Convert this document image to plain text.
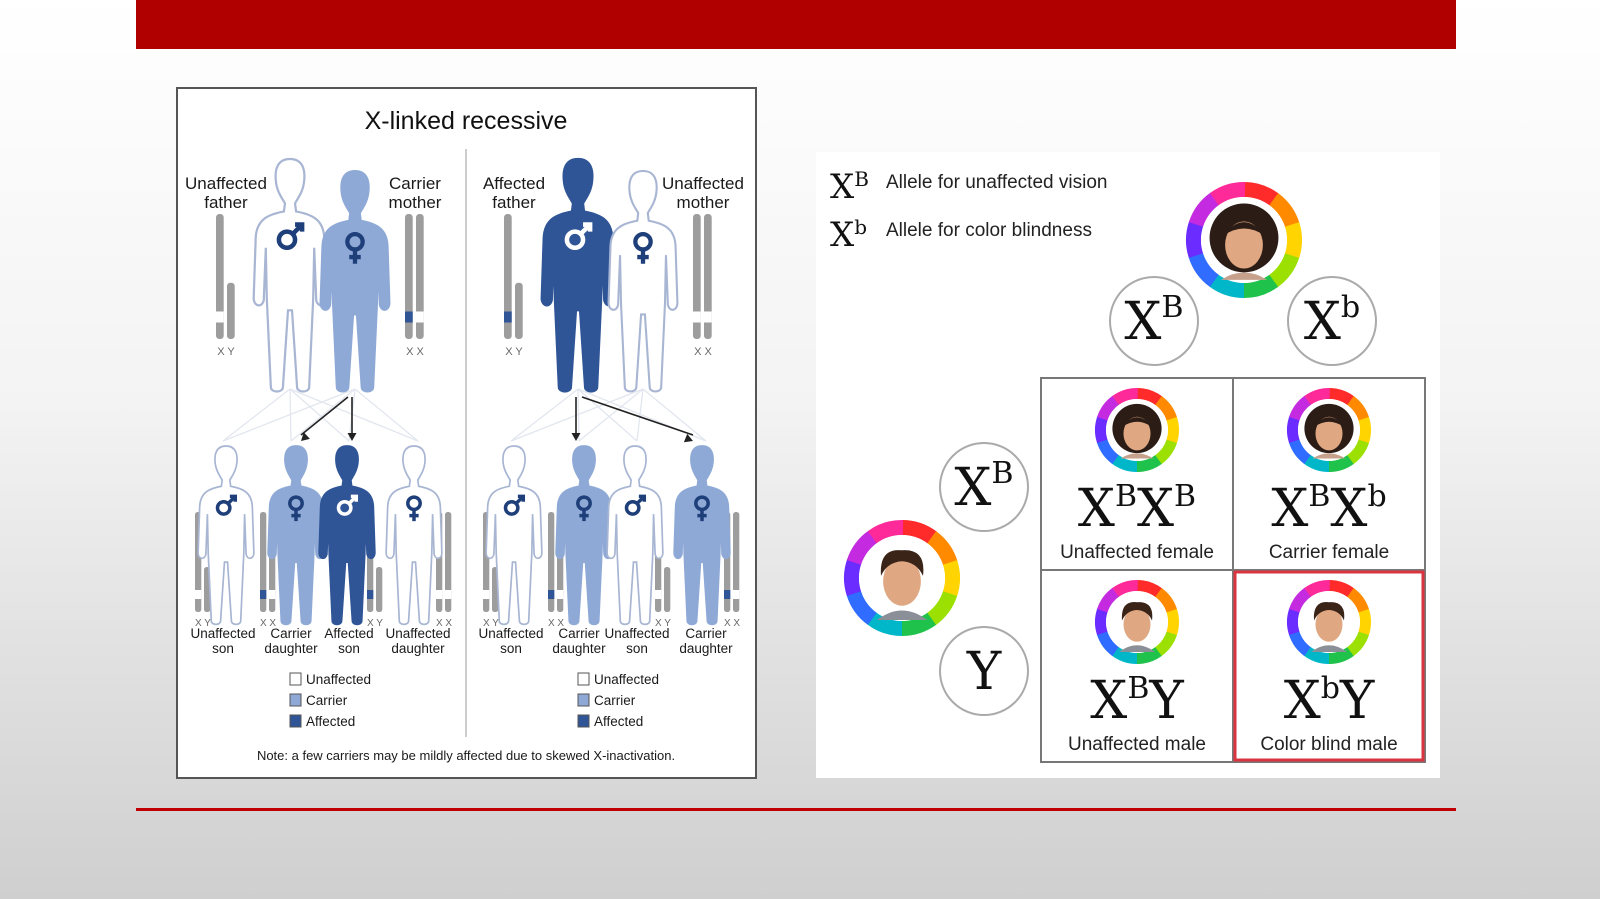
X-linked recessive
Unaffected
father
Carrier
mother
X Y	X X
X Y
Unaffected
son
X X
Carrier
daughter
X Y
Affected
son
X X
Unaffected
daughter
Unaffected
Carrier
Affected
Affected
father
Unaffected
mother
X Y	X X
X Y
Unaffected
son
X X
Carrier
daughter
X Y
Unaffected
son
X X
Carrier
daughter
Unaffected
Carrier
Affected
Note: a few carriers may be mildly affected due to skewed X-inactivation.
$X^B$ Allele for unaffected vision
$X^b$ Allele for color blindness
$X^B$ $X^b$
$X^B$
Y
$X^BX^B$
Unaffected female
$X^BX^b$
Carrier female
$X^BY$
Unaffected male
$X^bY$
Color blind male
